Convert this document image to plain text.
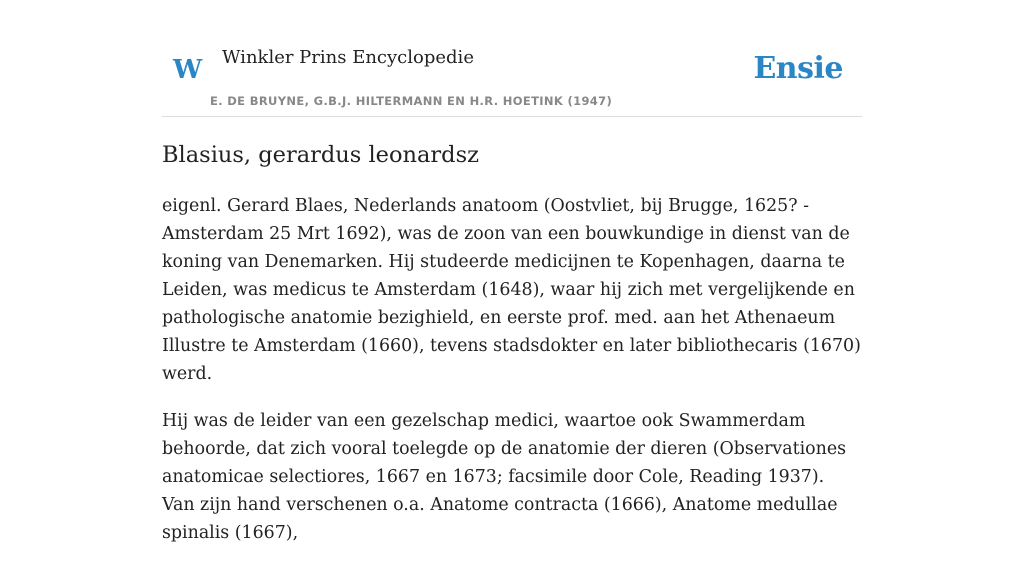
W Winkler Prins Encyclopedie
E. DE BRUYNE, G.B.J. HILTERMANN EN H.R. HOETINK (1947)
Ensie
Blasius, gerardus leonardsz

eigenl. Gerard Blaes, Nederlands anatoom (Oostvliet, bij Brugge, 1625? - Amsterdam 25 Mrt 1692), was de zoon van een bouwkundige in dienst van de koning van Denemarken. Hij studeerde medicijnen te Kopenhagen, daarna te Leiden, was medicus te Amsterdam (1648), waar hij zich met vergelijkende en pathologische anatomie bezighield, en eerste prof. med. aan het Athenaeum Illustre te Amsterdam (1660), tevens stadsdokter en later bibliothecaris (1670) werd.

Hij was de leider van een gezelschap medici, waartoe ook Swammerdam behoorde, dat zich vooral toelegde op de anatomie der dieren (Observationes anatomicae selectiores, 1667 en 1673; facsimile door Cole, Reading 1937). Van zijn hand verschenen o.a. Anatome contracta (1666), Anatome medullae spinalis (1667),
